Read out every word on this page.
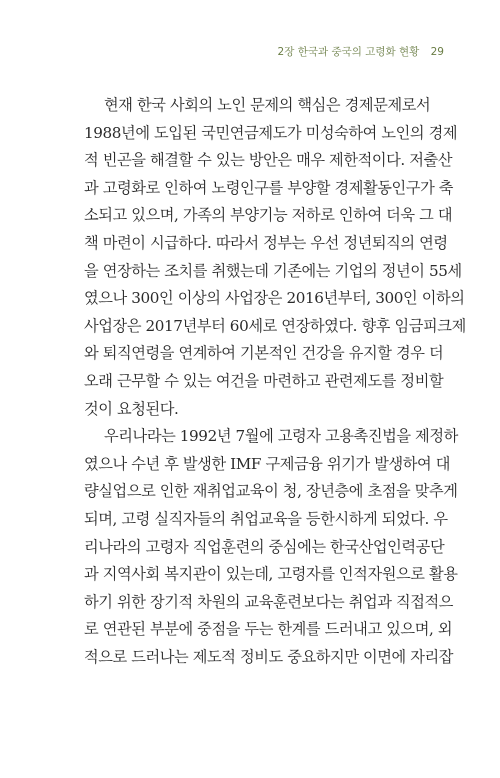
2장 한국과 중국의 고령화 현황 29

현재 한국 사회의 노인 문제의 핵심은 경제문제로서
1988년에 도입된 국민연금제도가 미성숙하여 노인의 경제
적 빈곤을 해결할 수 있는 방안은 매우 제한적이다. 저출산
과 고령화로 인하여 노령인구를 부양할 경제활동인구가 축
소되고 있으며, 가족의 부양기능 저하로 인하여 더욱 그 대
책 마련이 시급하다. 따라서 정부는 우선 정년퇴직의 연령
을 연장하는 조치를 취했는데 기존에는 기업의 정년이 55세
였으나 300인 이상의 사업장은 2016년부터, 300인 이하의
사업장은 2017년부터 60세로 연장하였다. 향후 임금피크제
와 퇴직연령을 연계하여 기본적인 건강을 유지할 경우 더
오래 근무할 수 있는 여건을 마련하고 관련제도를 정비할
것이 요청된다.

우리나라는 1992년 7월에 고령자 고용촉진법을 제정하
였으나 수년 후 발생한 IMF 구제금융 위기가 발생하여 대
량실업으로 인한 재취업교육이 청, 장년층에 초점을 맞추게
되며, 고령 실직자들의 취업교육을 등한시하게 되었다. 우
리나라의 고령자 직업훈련의 중심에는 한국산업인력공단
과 지역사회 복지관이 있는데, 고령자를 인적자원으로 활용
하기 위한 장기적 차원의 교육훈련보다는 취업과 직접적으
로 연관된 부분에 중점을 두는 한계를 드러내고 있으며, 외
적으로 드러나는 제도적 정비도 중요하지만 이면에 자리잡
